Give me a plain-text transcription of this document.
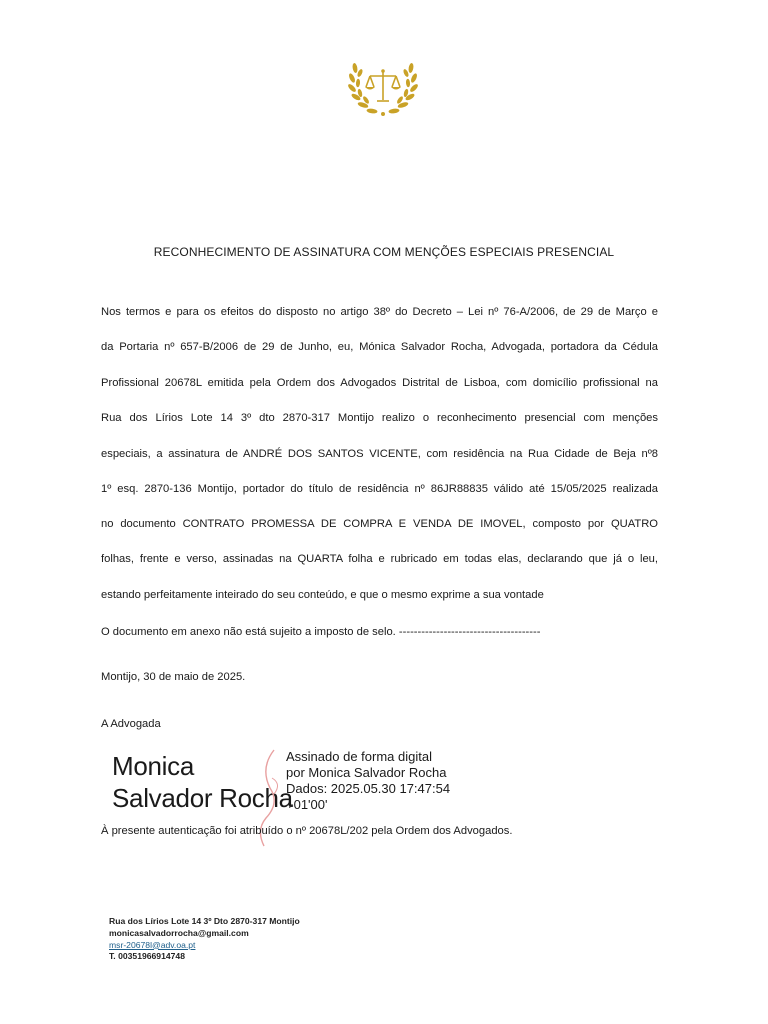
RECONHECIMENTO DE ASSINATURA COM MENÇÕES ESPECIAIS PRESENCIAL
Nos termos e para os efeitos do disposto no artigo 38º do Decreto – Lei nº 76-A/2006, de 29 de Março e
da Portaria nº 657-B/2006 de 29 de Junho, eu, Mónica Salvador Rocha, Advogada, portadora da Cédula
Profissional 20678L emitida pela Ordem dos Advogados Distrital de Lisboa, com domicílio profissional na
Rua dos Lírios Lote 14 3º dto 2870-317 Montijo realizo o reconhecimento presencial com menções
especiais, a assinatura de ANDRÉ DOS SANTOS VICENTE, com residência na Rua Cidade de Beja nº8
1º esq. 2870-136 Montijo, portador do título de residência nº 86JR88835 válido até 15/05/2025 realizada
no documento CONTRATO PROMESSA DE COMPRA E VENDA DE IMOVEL, composto por QUATRO
folhas, frente e verso, assinadas na QUARTA folha e rubricado em todas elas, declarando que já o leu,
estando perfeitamente inteirado do seu conteúdo, e que o mesmo exprime a sua vontade
O documento em anexo não está sujeito a imposto de selo. --------------------------------------
Montijo, 30 de maio de 2025.
A Advogada
Monica
Salvador Rocha
Assinado de forma digital
por Monica Salvador Rocha
Dados: 2025.05.30 17:47:54
+01'00'
À presente autenticação foi atribuído o nº 20678L/202 pela Ordem dos Advogados.
Rua dos Lírios Lote 14 3º Dto 2870-317 Montijo
monicasalvadorrocha@gmail.com
msr-20678l@adv.oa.pt
T. 00351966914748
